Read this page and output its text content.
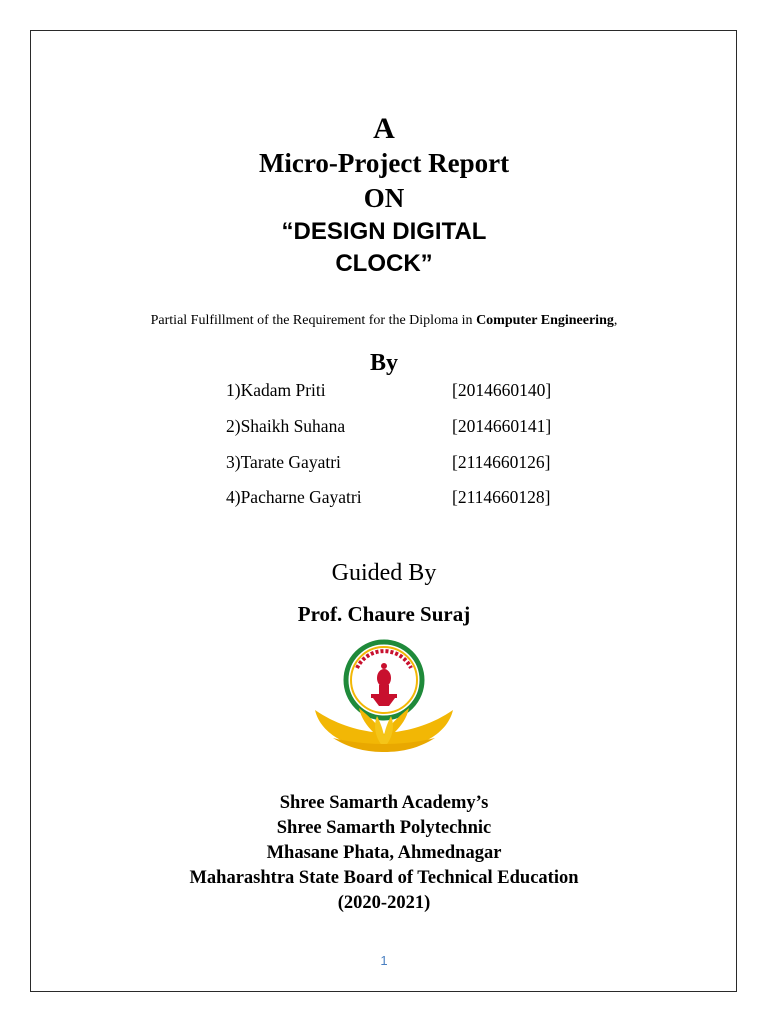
A
Micro-Project Report
ON
“DESIGN DIGITAL
CLOCK”
Partial Fulfillment of the Requirement for the Diploma in Computer Engineering,
By
1)Kadam Priti	[2014660140]
2)Shaikh Suhana	[2014660141]
3)Tarate Gayatri	[2114660126]
4)Pacharne Gayatri	[2114660128]
Guided By
Prof. Chaure Suraj
Shree Samarth Academy’s
Shree Samarth Polytechnic
Mhasane Phata, Ahmednagar
Maharashtra State Board of Technical Education
(2020-2021)
1
